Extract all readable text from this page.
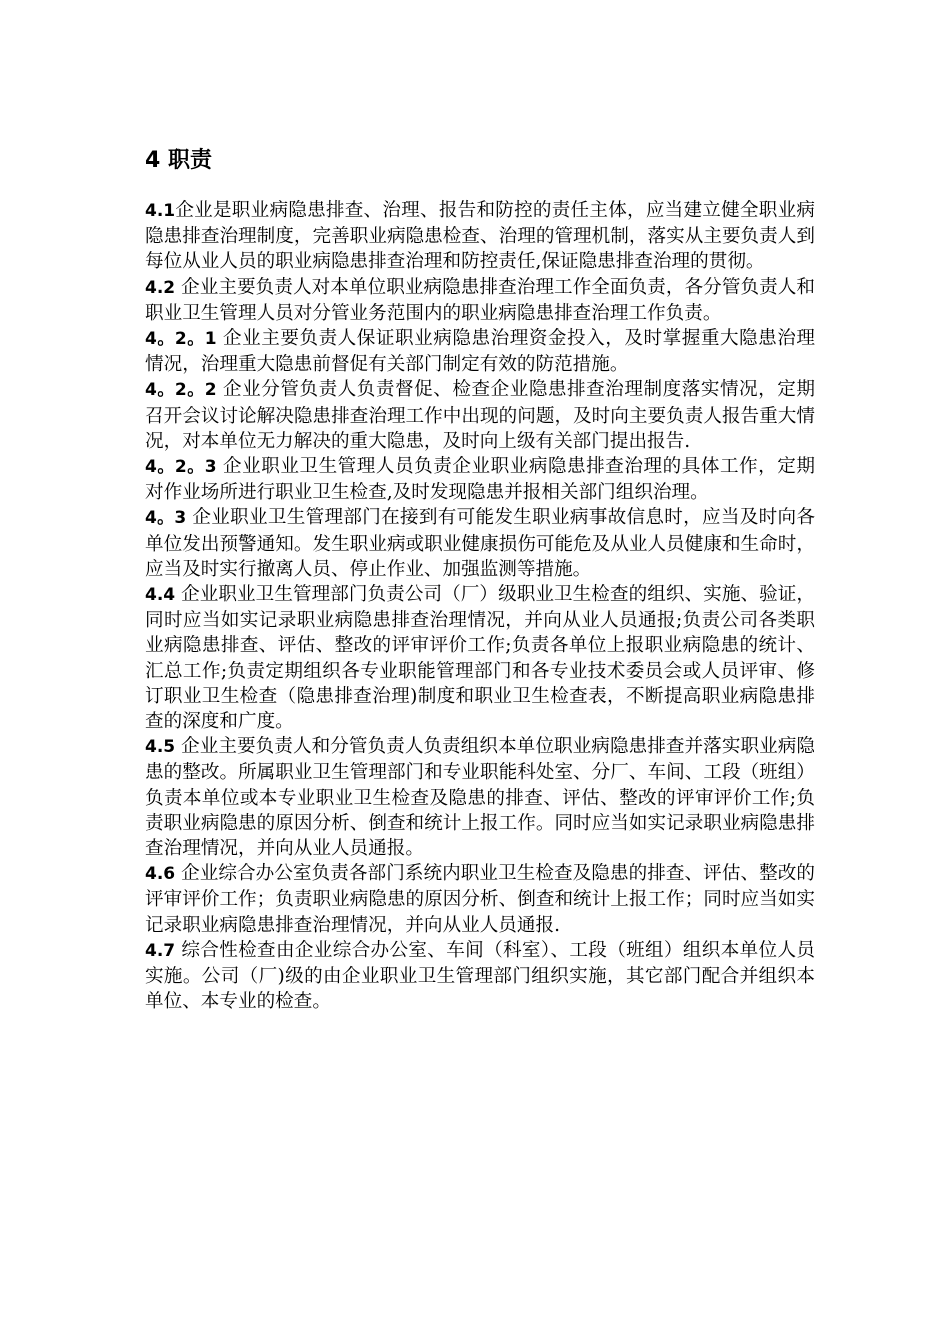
4 职责

4.1企业是职业病隐患排查、治理、报告和防控的责任主体，应当建立健全职业病隐患排查治理制度，完善职业病隐患检查、治理的管理机制，落实从主要负责人到每位从业人员的职业病隐患排查治理和防控责任,保证隐患排查治理的贯彻。

4.2 企业主要负责人对本单位职业病隐患排查治理工作全面负责，各分管负责人和职业卫生管理人员对分管业务范围内的职业病隐患排查治理工作负责。

4。2。1 企业主要负责人保证职业病隐患治理资金投入，及时掌握重大隐患治理情况，治理重大隐患前督促有关部门制定有效的防范措施。

4。2。2 企业分管负责人负责督促、检查企业隐患排查治理制度落实情况，定期召开会议讨论解决隐患排查治理工作中出现的问题，及时向主要负责人报告重大情况，对本单位无力解决的重大隐患，及时向上级有关部门提出报告.

4。2。3 企业职业卫生管理人员负责企业职业病隐患排查治理的具体工作，定期对作业场所进行职业卫生检查,及时发现隐患并报相关部门组织治理。

4。3 企业职业卫生管理部门在接到有可能发生职业病事故信息时，应当及时向各单位发出预警通知。发生职业病或职业健康损伤可能危及从业人员健康和生命时，应当及时实行撤离人员、停止作业、加强监测等措施。

4.4 企业职业卫生管理部门负责公司（厂）级职业卫生检查的组织、实施、验证，同时应当如实记录职业病隐患排查治理情况，并向从业人员通报;负责公司各类职业病隐患排查、评估、整改的评审评价工作;负责各单位上报职业病隐患的统计、汇总工作;负责定期组织各专业职能管理部门和各专业技术委员会或人员评审、修订职业卫生检查（隐患排查治理)制度和职业卫生检查表，不断提高职业病隐患排查的深度和广度。

4.5 企业主要负责人和分管负责人负责组织本单位职业病隐患排查并落实职业病隐患的整改。所属职业卫生管理部门和专业职能科处室、分厂、车间、工段（班组）负责本单位或本专业职业卫生检查及隐患的排查、评估、整改的评审评价工作;负责职业病隐患的原因分析、倒查和统计上报工作。同时应当如实记录职业病隐患排查治理情况，并向从业人员通报。

4.6 企业综合办公室负责各部门系统内职业卫生检查及隐患的排查、评估、整改的评审评价工作；负责职业病隐患的原因分析、倒查和统计上报工作；同时应当如实记录职业病隐患排查治理情况，并向从业人员通报.

4.7 综合性检查由企业综合办公室、车间（科室）、工段（班组）组织本单位人员实施。公司（厂)级的由企业职业卫生管理部门组织实施，其它部门配合并组织本单位、本专业的检查。
